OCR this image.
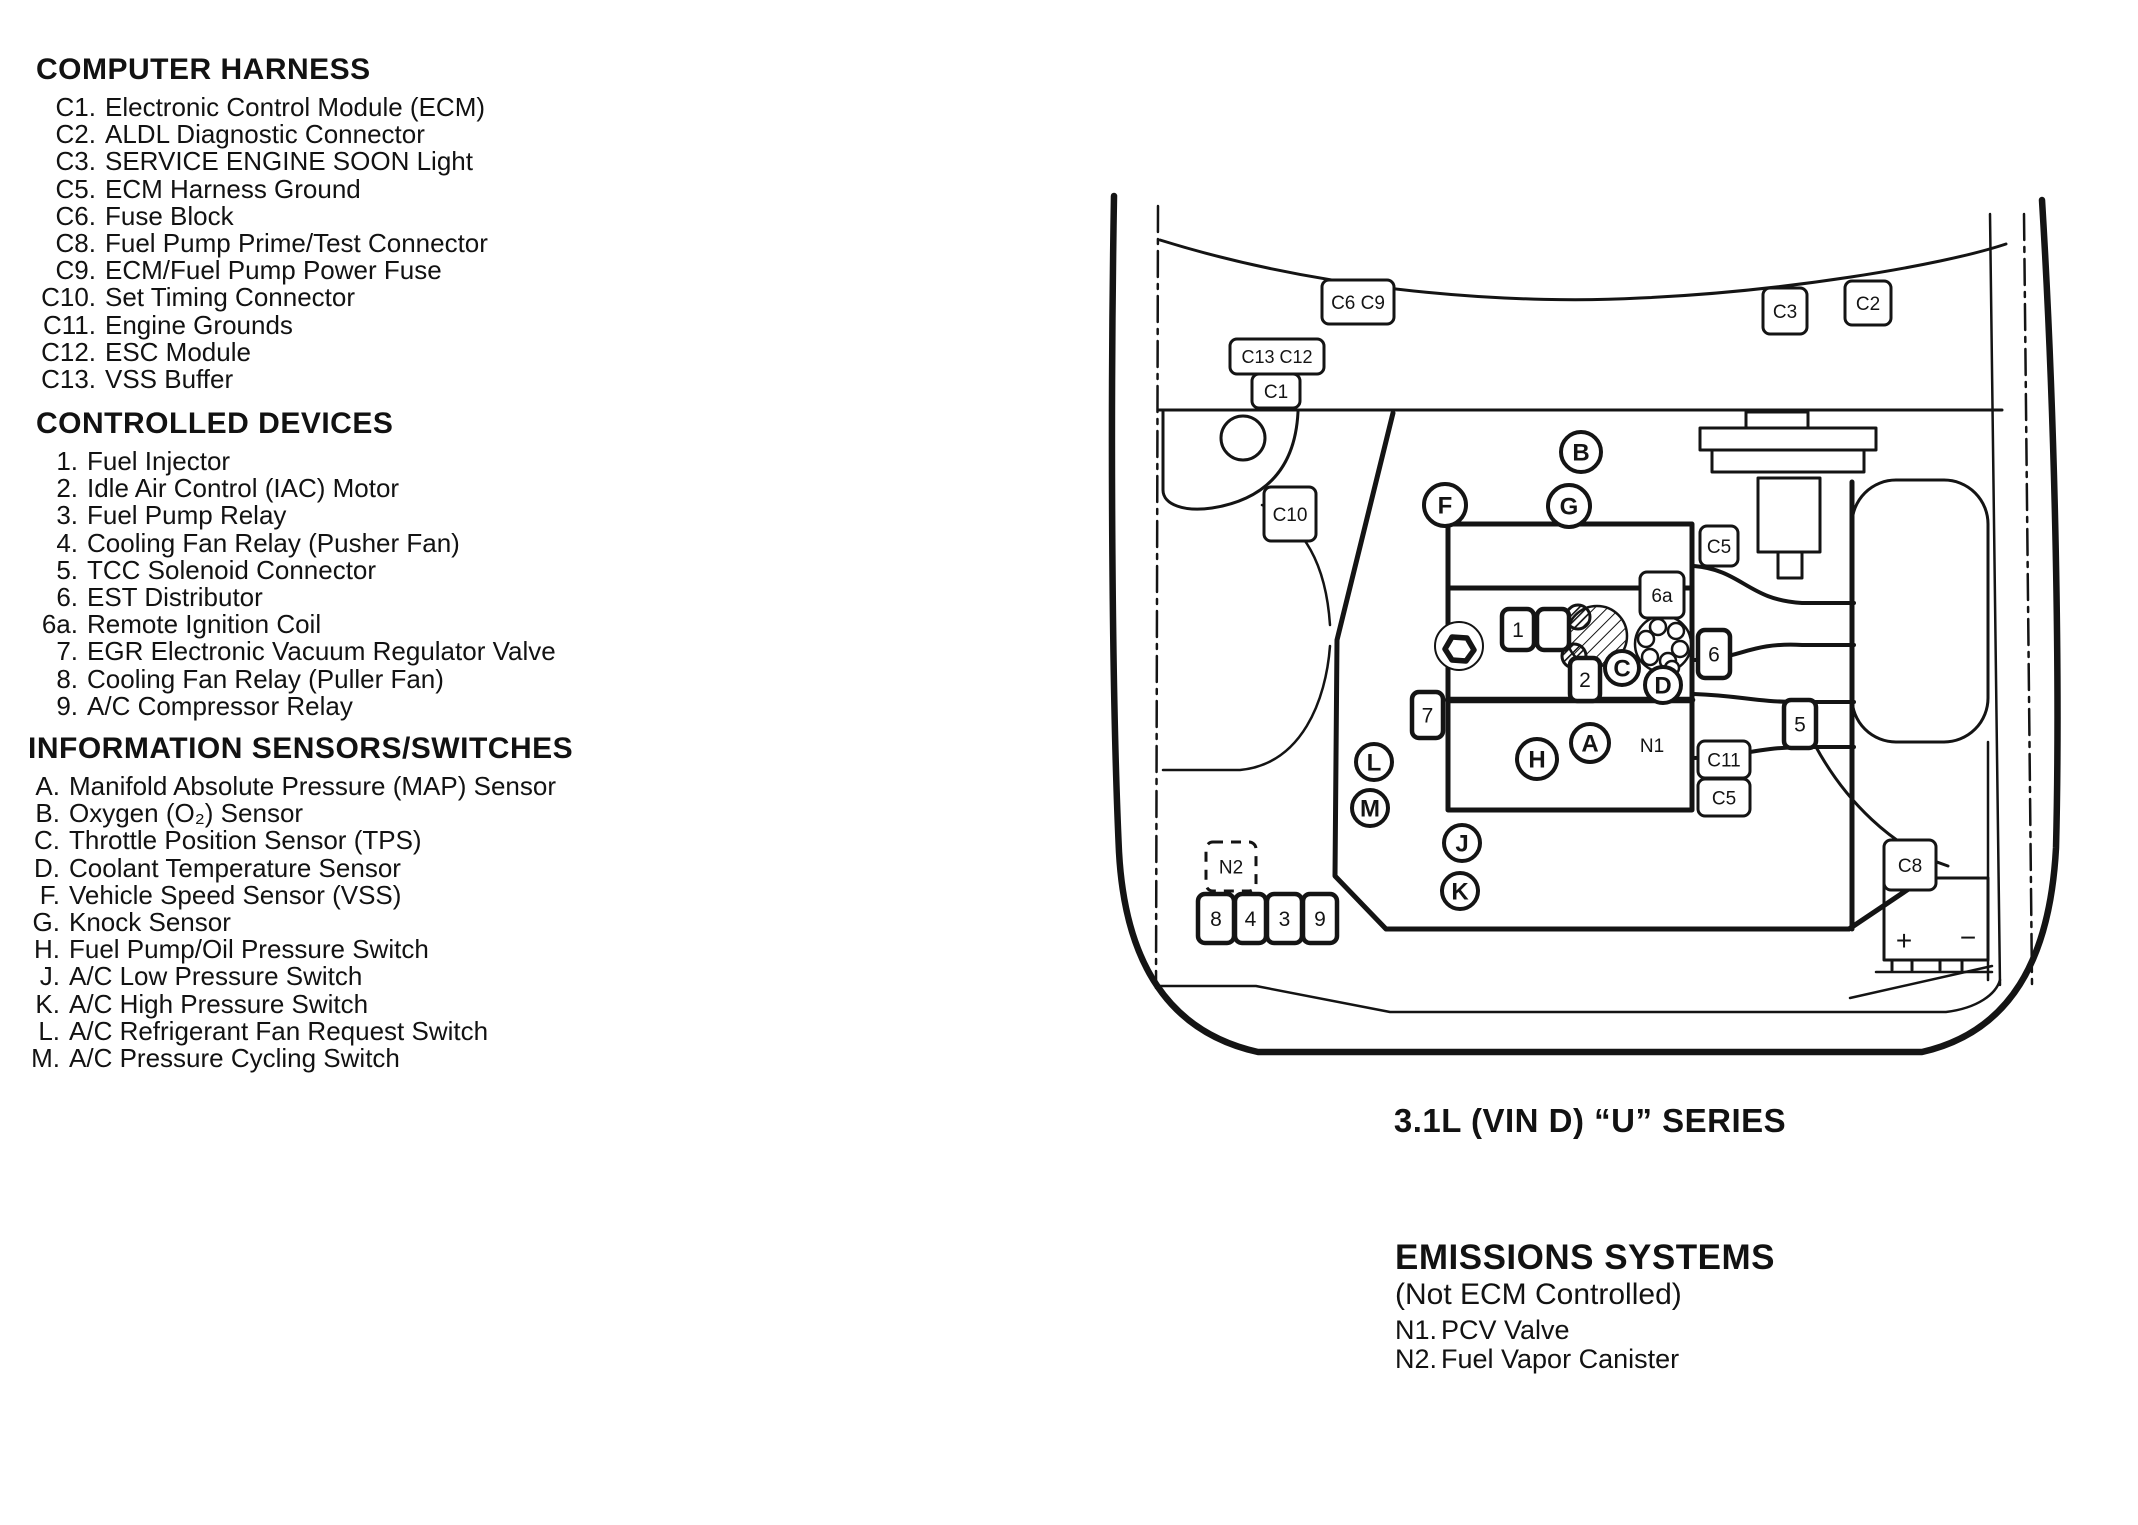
COMPUTER HARNESS
C1. Electronic Control Module (ECM)
C2. ALDL Diagnostic Connector
C3. SERVICE ENGINE SOON Light
C5. ECM Harness Ground
C6. Fuse Block
C8. Fuel Pump Prime/Test Connector
C9. ECM/Fuel Pump Power Fuse
C10. Set Timing Connector
C11. Engine Grounds
C12. ESC Module
C13. VSS Buffer
CONTROLLED DEVICES
1. Fuel Injector
2. Idle Air Control (IAC) Motor
3. Fuel Pump Relay
4. Cooling Fan Relay (Pusher Fan)
5. TCC Solenoid Connector
6. EST Distributor
6a. Remote Ignition Coil
7. EGR Electronic Vacuum Regulator Valve
8. Cooling Fan Relay (Puller Fan)
9. A/C Compressor Relay
INFORMATION SENSORS/SWITCHES
A. Manifold Absolute Pressure (MAP) Sensor
B. Oxygen (O₂) Sensor
C. Throttle Position Sensor (TPS)
D. Coolant Temperature Sensor
F. Vehicle Speed Sensor (VSS)
G. Knock Sensor
H. Fuel Pump/Oil Pressure Switch
J. A/C Low Pressure Switch
K. A/C High Pressure Switch
L. A/C Refrigerant Fan Request Switch
M. A/C Pressure Cycling Switch
C6 C9
C13 C12
C1
C3	C2
C10
C5
6a
1
2
6
5
7
C11
C5
C8
N2
8 4 3 9
B
F	G
C
D
A
H
L
M
J
K
N1
+ −
3.1L (VIN D) “U” SERIES
EMISSIONS SYSTEMS
(Not ECM Controlled)
N1. PCV Valve
N2. Fuel Vapor Canister
